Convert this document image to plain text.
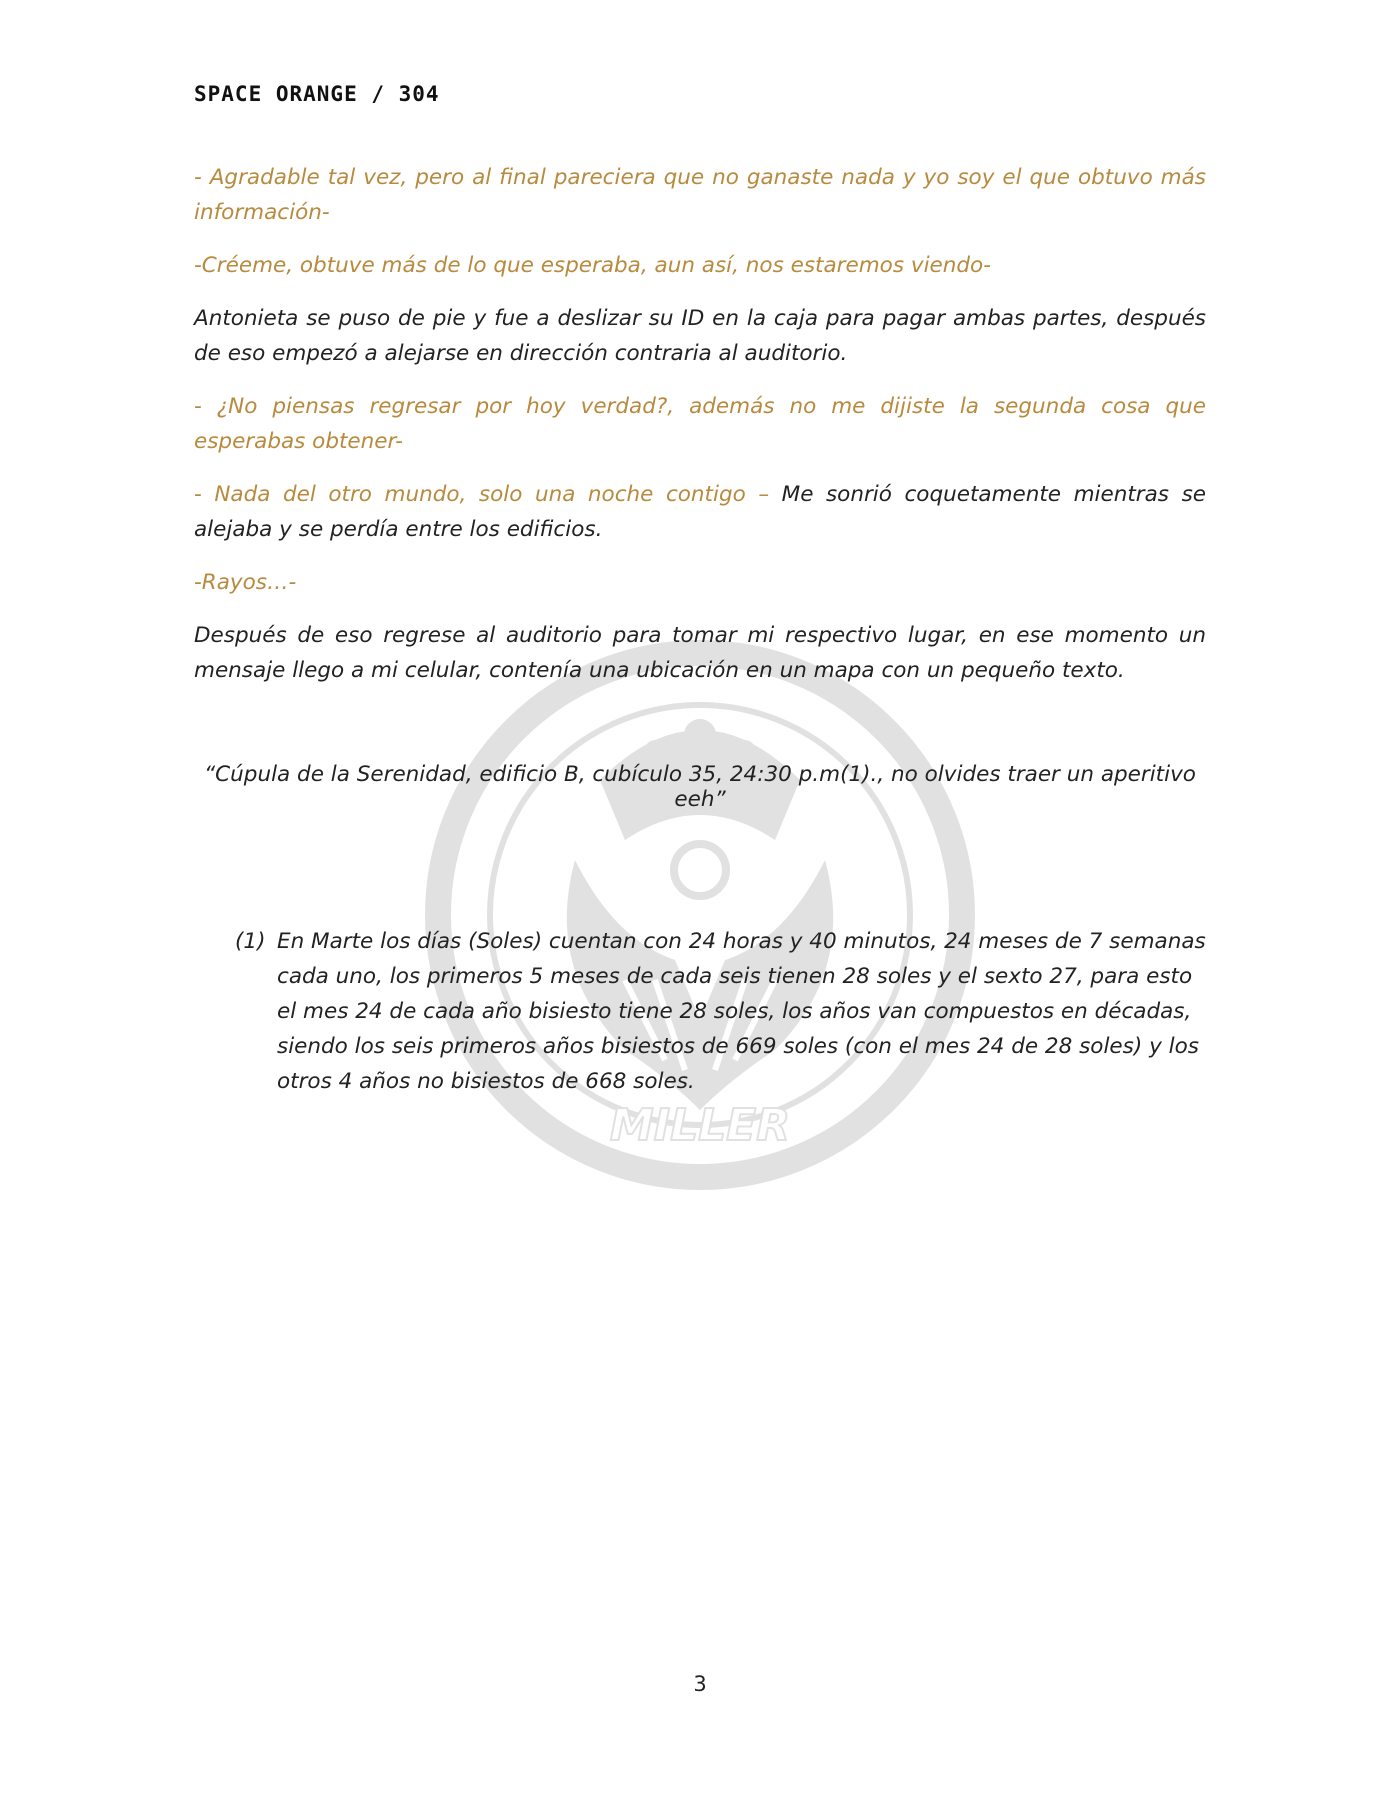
SPACE ORANGE / 304
MILLER

- Agradable tal vez, pero al final pareciera que no ganaste nada y yo soy el que obtuvo más información-

-Créeme, obtuve más de lo que esperaba, aun así, nos estaremos viendo-

Antonieta se puso de pie y fue a deslizar su ID en la caja para pagar ambas partes, después de eso empezó a alejarse en dirección contraria al auditorio.

- ¿No piensas regresar por hoy verdad?, además no me dijiste la segunda cosa que esperabas obtener-

- Nada del otro mundo, solo una noche contigo – Me sonrió coquetamente mientras se alejaba y se perdía entre los edificios.

-Rayos…-

Después de eso regrese al auditorio para tomar mi respectivo lugar, en ese momento un mensaje llego a mi celular, contenía una ubicación en un mapa con un pequeño texto.

“Cúpula de la Serenidad, edificio B, cubículo 35, 24:30 p.m(1)., no olvides traer un aperitivo eeh”
(1) En Marte los días (Soles) cuentan con 24 horas y 40 minutos, 24 meses de 7 semanas cada uno, los primeros 5 meses de cada seis tienen 28 soles y el sexto 27, para esto el mes 24 de cada año bisiesto tiene 28 soles, los años van compuestos en décadas, siendo los seis primeros años bisiestos de 669 soles (con el mes 24 de 28 soles) y los otros 4 años no bisiestos de 668 soles.
3
